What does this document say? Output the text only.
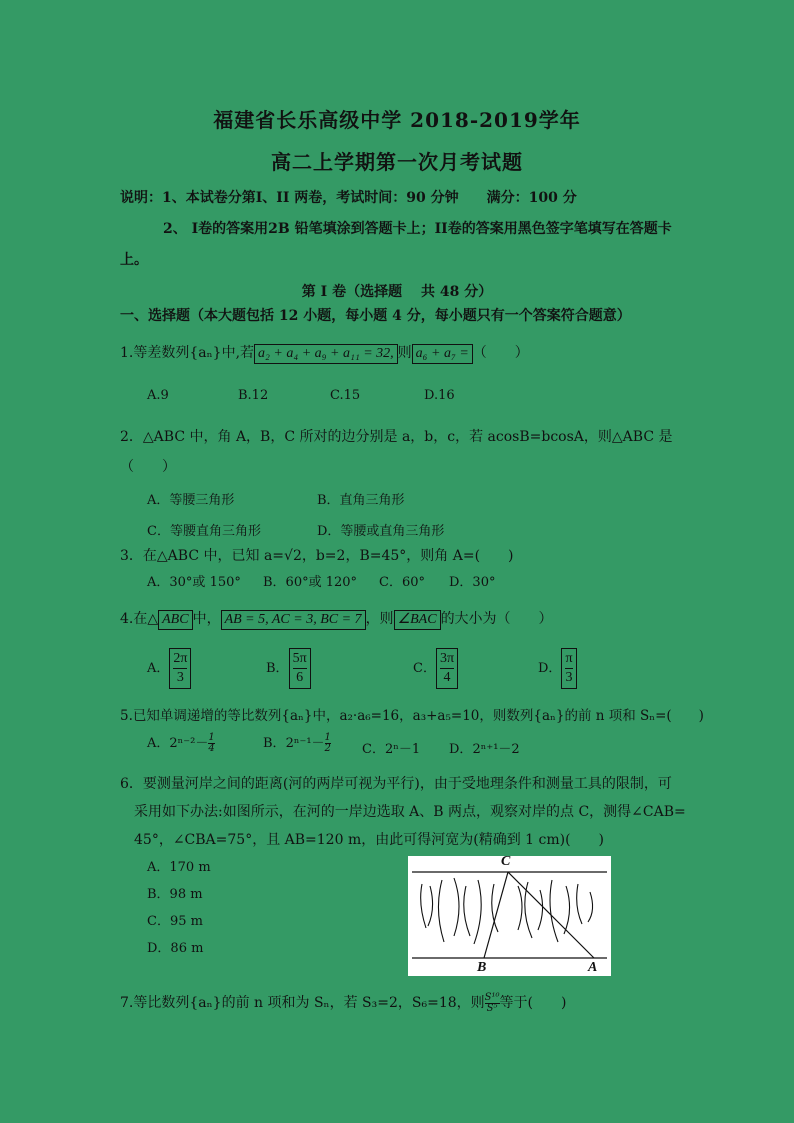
福建省长乐高级中学 2018-2019学年
高二上学期第一次月考试题
说明：1、本试卷分第I、II 两卷，考试时间：90 分钟　　满分：100 分
2、 I卷的答案用2B 铅笔填涂到答题卡上；II卷的答案用黑色签字笔填写在答题卡
上。
第 I 卷（选择题　 共 48 分）
一、选择题（本大题包括 12 小题，每小题 4 分，每小题只有一个答案符合题意）
1.等差数列{aₙ}中,若 a₂ + a₄ + a₉ + a₁₁ = 32, 则 a₆ + a₇ = （　　）
A.9	B.12	C.15	D.16
2．△ABC 中，角 A，B，C 所对的边分别是 a，b，c，若 acosB=bcosA，则△ABC 是
（　　）
A．等腰三角形	B．直角三角形
C．等腰直角三角形	D．等腰或直角三角形
3．在△ABC 中，已知 a=√2，b=2，B=45°，则角 A=(　　)
A．30°或 150° B．60°或 120° C．60° D．30°
4.在△ ABC 中， AB = 5, AC = 3, BC = 7 ，则 ∠BAC 的大小为（　　）
A． $\frac{2\pi}{3}$	B． $\frac{5\pi}{6}$	C． $\frac{3\pi}{4}$	D． $\frac{\pi}{3}$
5.已知单调递增的等比数列{aₙ}中，a₂·a₆=16，a₃+a₅=10，则数列{aₙ}的前 n 项和 Sₙ=(　　)
A．$2^{n-2}- \frac{1}{4}$	B．$2^{n-1}- \frac{1}{2}$ C．2ⁿ－1 D．2ⁿ⁺¹－2
6．要测量河岸之间的距离(河的两岸可视为平行)，由于受地理条件和测量工具的限制，可
采用如下办法:如图所示，在河的一岸边选取 A、B 两点，观察对岸的点 C，测得∠CAB=
45°，∠CBA=75°，且 AB=120 m，由此可得河宽为(精确到 1 cm)(　　)
A．170 m
B．98 m
C．95 m
D．86 m
C
B	A
7.等比数列{aₙ}的前 n 项和为 Sₙ，若 S₃=2，S₆=18，则 $\frac{\text{S¹⁰}}{\text{S⁵}}$ 等于(　　)
